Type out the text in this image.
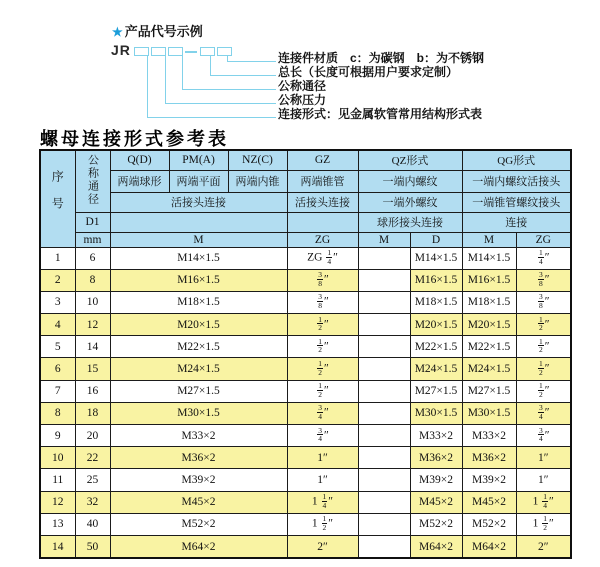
★ 产品代号示例
JR	连接件材质　c：为碳钢　b：为不锈钢
总长（长度可根据用户要求定制）
公称通径
公称压力
连接形式：见金属软管常用结构形式表
螺母连接形式参考表
序号	公称通径	Q(D)	PM(A)	NZ(C)	GZ	QZ形式		QG形式	
		两端球形	两端平面	两端内锥	两端锥管	一端内螺纹		一端内螺纹活接头	
		活接头连接			活接头连接	一端外螺纹		一端锥管螺纹接头	
	D1					球形接头连接		连接	
	mm	M			ZG	M	D	M	ZG
1	6	M14×1.5			ZG $\frac{1}{4}$ ″		M14×1.5	M14×1.5	$\frac{1}{4}$ ″
2	8	M16×1.5			$\frac{3}{8}$ ″		M16×1.5	M16×1.5	$\frac{3}{8}$ ″
3	10	M18×1.5			$\frac{3}{8}$ ″		M18×1.5	M18×1.5	$\frac{3}{8}$ ″
4	12	M20×1.5			$\frac{1}{2}$ ″		M20×1.5	M20×1.5	$\frac{1}{2}$ ″
5	14	M22×1.5			$\frac{1}{2}$ ″		M22×1.5	M22×1.5	$\frac{1}{2}$ ″
6	15	M24×1.5			$\frac{1}{2}$ ″		M24×1.5	M24×1.5	$\frac{1}{2}$ ″
7	16	M27×1.5			$\frac{1}{2}$ ″		M27×1.5	M27×1.5	$\frac{1}{2}$ ″
8	18	M30×1.5			$\frac{3}{4}$ ″		M30×1.5	M30×1.5	$\frac{3}{4}$ ″
9	20	M33×2			$\frac{3}{4}$ ″		M33×2	M33×2	$\frac{3}{4}$ ″
10	22	M36×2			1″		M36×2	M36×2	1″
11	25	M39×2			1″		M39×2	M39×2	1″
12	32	M45×2			$1 \frac{1}{4}$ ″		M45×2	M45×2	$1 \frac{1}{4}$ ″
13	40	M52×2			$1 \frac{1}{2}$ ″		M52×2	M52×2	$1 \frac{1}{2}$ ″
14	50	M64×2			2″		M64×2	M64×2	2″
